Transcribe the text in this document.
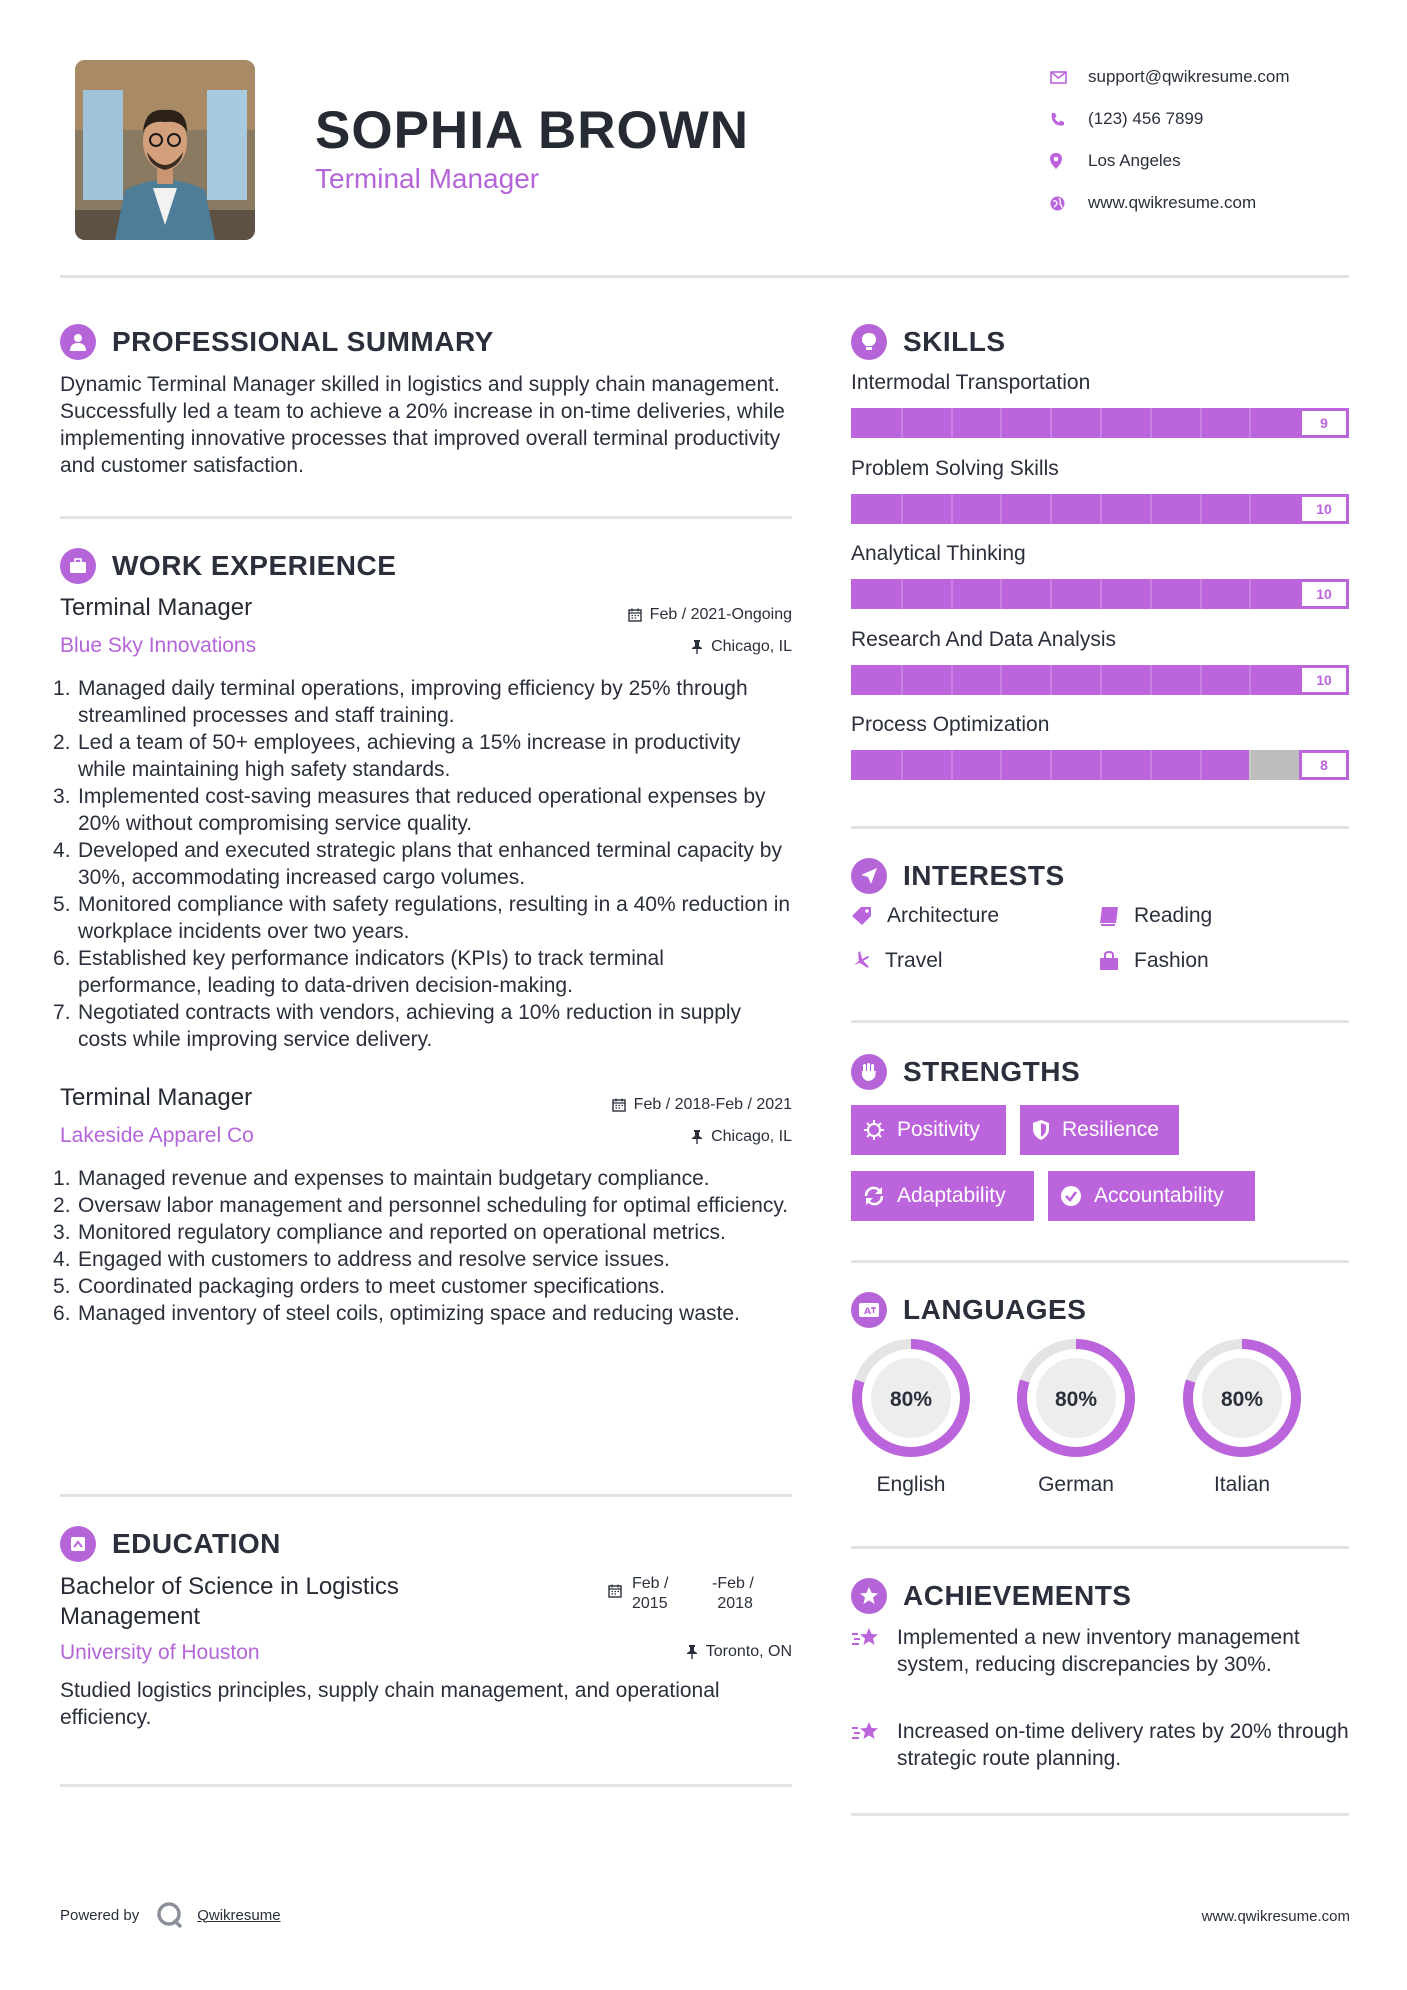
SOPHIA BROWN
Terminal Manager
support@qwikresume.com
(123) 456 7899
Los Angeles
www.qwikresume.com
PROFESSIONAL SUMMARY
Dynamic Terminal Manager skilled in logistics and supply chain management. Successfully led a team to achieve a 20% increase in on-time deliveries, while implementing innovative processes that improved overall terminal productivity and customer satisfaction.
WORK EXPERIENCE
Terminal Manager
Blue Sky Innovations
Feb / 2021-Ongoing
Chicago, IL
Managed daily terminal operations, improving efficiency by 25% through streamlined processes and staff training.
Led a team of 50+ employees, achieving a 15% increase in productivity while maintaining high safety standards.
Implemented cost-saving measures that reduced operational expenses by 20% without compromising service quality.
Developed and executed strategic plans that enhanced terminal capacity by 30%, accommodating increased cargo volumes.
Monitored compliance with safety regulations, resulting in a 40% reduction in workplace incidents over two years.
Established key performance indicators (KPIs) to track terminal performance, leading to data-driven decision-making.
Negotiated contracts with vendors, achieving a 10% reduction in supply costs while improving service delivery.
Terminal Manager
Lakeside Apparel Co
Feb / 2018-Feb / 2021
Chicago, IL
Managed revenue and expenses to maintain budgetary compliance.
Oversaw labor management and personnel scheduling for optimal efficiency.
Monitored regulatory compliance and reported on operational metrics.
Engaged with customers to address and resolve service issues.
Coordinated packaging orders to meet customer specifications.
Managed inventory of steel coils, optimizing space and reducing waste.
EDUCATION
Bachelor of Science in Logistics Management
University of Houston
Feb / 2015
- Feb / 2018
Toronto, ON
Studied logistics principles, supply chain management, and operational efficiency.
SKILLS
Intermodal Transportation
9
Problem Solving Skills
10
Analytical Thinking
10
Research And Data Analysis
10
Process Optimization
8
INTERESTS
Architecture	Reading
Travel	Fashion
STRENGTHS
Positivity	Resilience
Adaptability	Accountability
A LANGUAGES
80%
English
80%
German
80%
Italian
ACHIEVEMENTS
Implemented a new inventory management system, reducing discrepancies by 30%.
Increased on-time delivery rates by 20% through strategic route planning.
Powered by	Qwikresume	www.qwikresume.com
